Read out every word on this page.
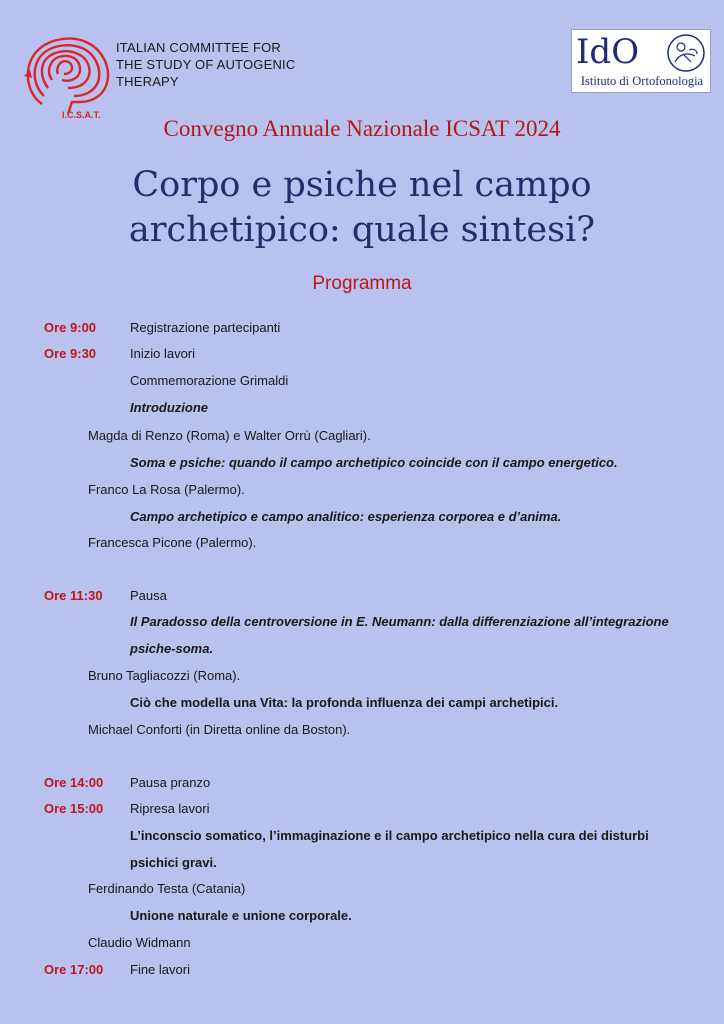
I.C.S.A.T.
ITALIAN COMMITTEE FOR
THE STUDY OF AUTOGENIC
THERAPY
IdO
Istituto di Ortofonologia
Convegno Annuale Nazionale ICSAT 2024
Corpo e psiche nel campo
archetipico: quale sintesi?
Programma
Ore 9:00	Registrazione partecipanti
Ore 9:30	Inizio lavori
Commemorazione Grimaldi
Introduzione
Magda di Renzo (Roma) e Walter Orrù (Cagliari).
Soma e psiche: quando il campo archetipico coincide con il campo energetico.
Franco La Rosa (Palermo).
Campo archetipico e campo analitico: esperienza corporea e d’anima.
Francesca Picone (Palermo).
Ore 11:30 Pausa
Il Paradosso della centroversione in E. Neumann: dalla differenziazione all’integrazione
psiche-soma.
Bruno Tagliacozzi (Roma).
Ciò che modella una Vita: la profonda influenza dei campi archetipici.
Michael Conforti (in Diretta online da Boston).
Ore 14:00 Pausa pranzo
Ore 15:00 Ripresa lavori
L’inconscio somatico, l’immaginazione e il campo archetipico nella cura dei disturbi
psichici gravi.
Ferdinando Testa (Catania)
Unione naturale e unione corporale.
Claudio Widmann
Ore 17:00 Fine lavori
